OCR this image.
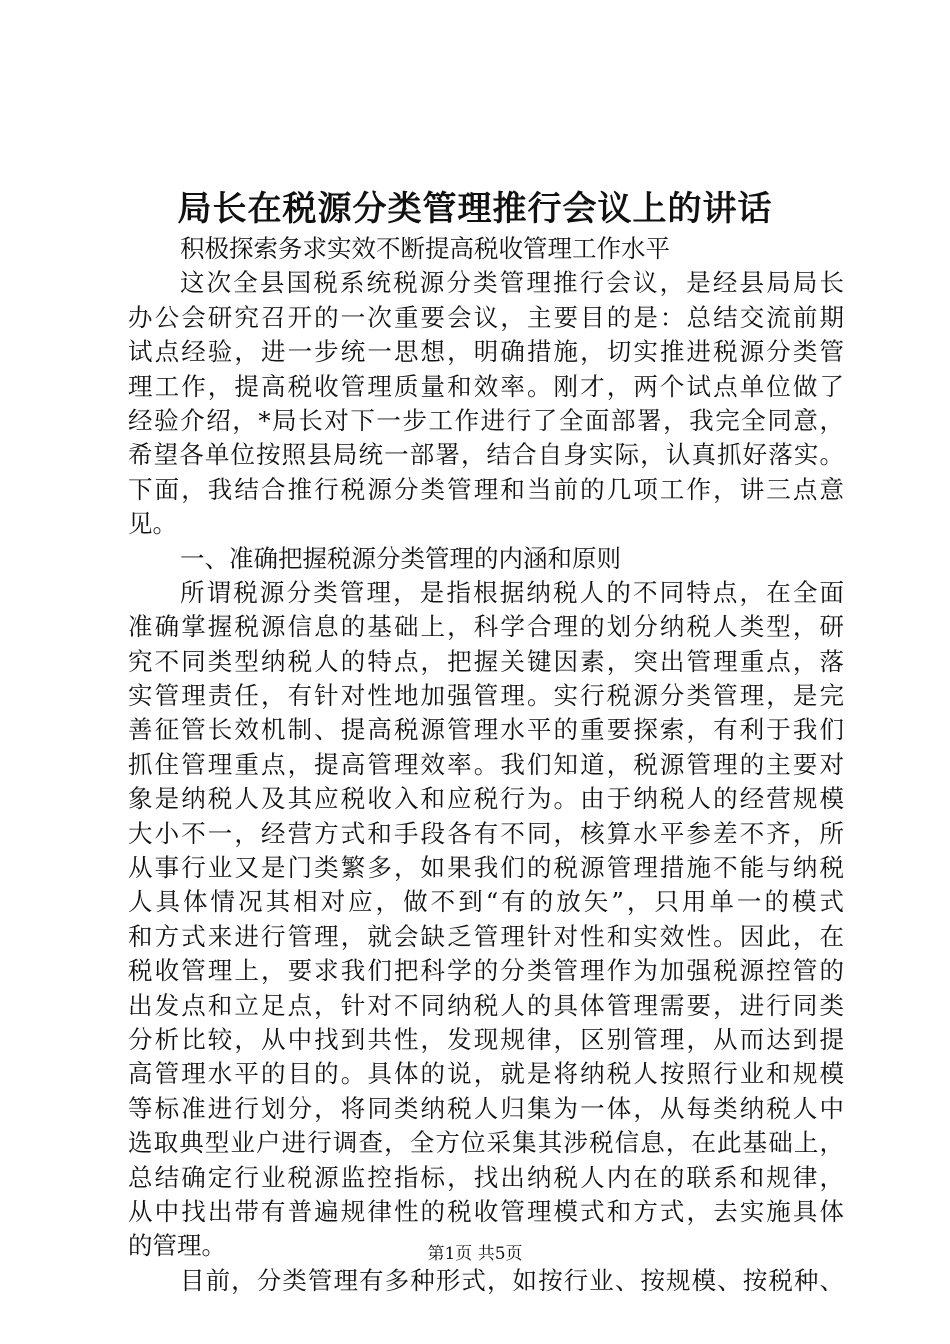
局长在税源分类管理推行会议上的讲话
积极探索务求实效不断提高税收管理工作水平
这次全县国税系统税源分类管理推行会议，是经县局局长
办公会研究召开的一次重要会议，主要目的是：总结交流前期
试点经验，进一步统一思想，明确措施，切实推进税源分类管
理工作，提高税收管理质量和效率。刚才，两个试点单位做了
经验介绍，*局长对下一步工作进行了全面部署，我完全同意，
希望各单位按照县局统一部署，结合自身实际，认真抓好落实。
下面，我结合推行税源分类管理和当前的几项工作，讲三点意
见。
一、准确把握税源分类管理的内涵和原则
所谓税源分类管理，是指根据纳税人的不同特点，在全面
准确掌握税源信息的基础上，科学合理的划分纳税人类型，研
究不同类型纳税人的特点，把握关键因素，突出管理重点，落
实管理责任，有针对性地加强管理。实行税源分类管理，是完
善征管长效机制、提高税源管理水平的重要探索，有利于我们
抓住管理重点，提高管理效率。我们知道，税源管理的主要对
象是纳税人及其应税收入和应税行为。由于纳税人的经营规模
大小不一，经营方式和手段各有不同，核算水平参差不齐，所
从事行业又是门类繁多，如果我们的税源管理措施不能与纳税
人具体情况其相对应，做不到“有的放矢”，只用单一的模式
和方式来进行管理，就会缺乏管理针对性和实效性。因此，在
税收管理上，要求我们把科学的分类管理作为加强税源控管的
出发点和立足点，针对不同纳税人的具体管理需要，进行同类
分析比较，从中找到共性，发现规律，区别管理，从而达到提
高管理水平的目的。具体的说，就是将纳税人按照行业和规模
等标准进行划分，将同类纳税人归集为一体，从每类纳税人中
选取典型业户进行调查，全方位采集其涉税信息，在此基础上，
总结确定行业税源监控指标，找出纳税人内在的联系和规律，
从中找出带有普遍规律性的税收管理模式和方式，去实施具体
的管理。
目前，分类管理有多种形式，如按行业、按规模、按税种、
第1页 共5页
